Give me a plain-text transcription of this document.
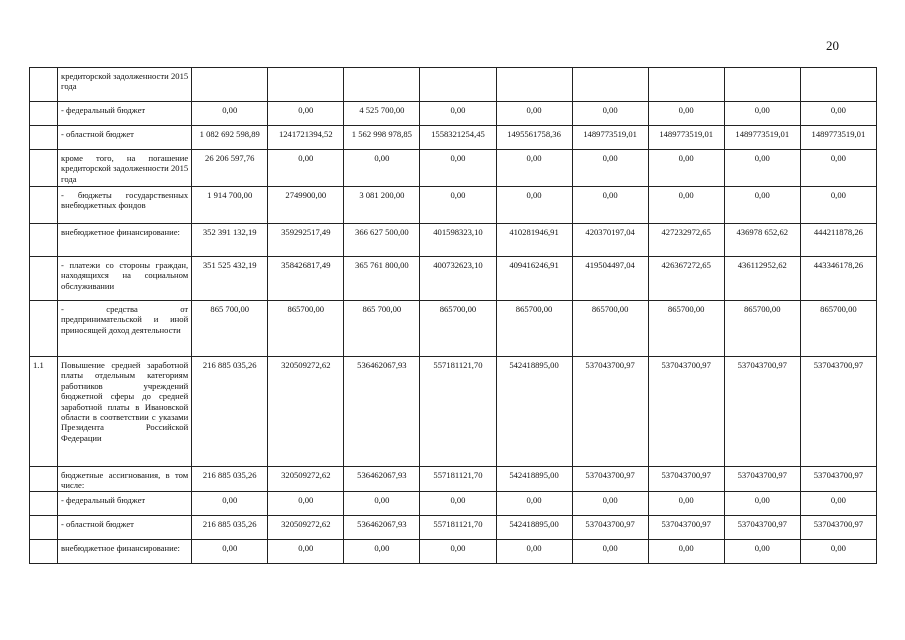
20
	кредиторской задолженности 2015 года									
	- федеральный бюджет	0,00	0,00	4 525 700,00	0,00	0,00	0,00	0,00	0,00	0,00
	- областной бюджет	1 082 692 598,89	1241721394,52	1 562 998 978,85	1558321254,45	1495561758,36	1489773519,01	1489773519,01	1489773519,01	1489773519,01
	кроме того, на погашение кредиторской задолженности 2015 года	26 206 597,76	0,00	0,00	0,00	0,00	0,00	0,00	0,00	0,00
	- бюджеты государственных внебюджетных фондов	1 914 700,00	2749900,00	3 081 200,00	0,00	0,00	0,00	0,00	0,00	0,00
	внебюджетное финансирование:	352 391 132,19	359292517,49	366 627 500,00	401598323,10	410281946,91	420370197,04	427232972,65	436978 652,62	444211878,26
	- платежи со стороны граждан, находящихся на социальном обслуживании	351 525 432,19	358426817,49	365 761 800,00	400732623,10	409416246,91	419504497,04	426367272,65	436112952,62	443346178,26
	- средства от предпринимательской и иной приносящей доход деятельности	865 700,00	865700,00	865 700,00	865700,00	865700,00	865700,00	865700,00	865700,00	865700,00
1.1	Повышение средней заработной платы отдельным категориям работников учреждений бюджетной сферы до средней заработной платы в Ивановской области в соответствии с указами Президента Российской Федерации	216 885 035,26	320509272,62	536462067,93	557181121,70	542418895,00	537043700,97	537043700,97	537043700,97	537043700,97
	бюджетные ассигнования, в том числе:	216 885 035,26	320509272,62	536462067,93	557181121,70	542418895,00	537043700,97	537043700,97	537043700,97	537043700,97
	- федеральный бюджет	0,00	0,00	0,00	0,00	0,00	0,00	0,00	0,00	0,00
	- областной бюджет	216 885 035,26	320509272,62	536462067,93	557181121,70	542418895,00	537043700,97	537043700,97	537043700,97	537043700,97
	внебюджетное финансирование:	0,00	0,00	0,00	0,00	0,00	0,00	0,00	0,00	0,00
